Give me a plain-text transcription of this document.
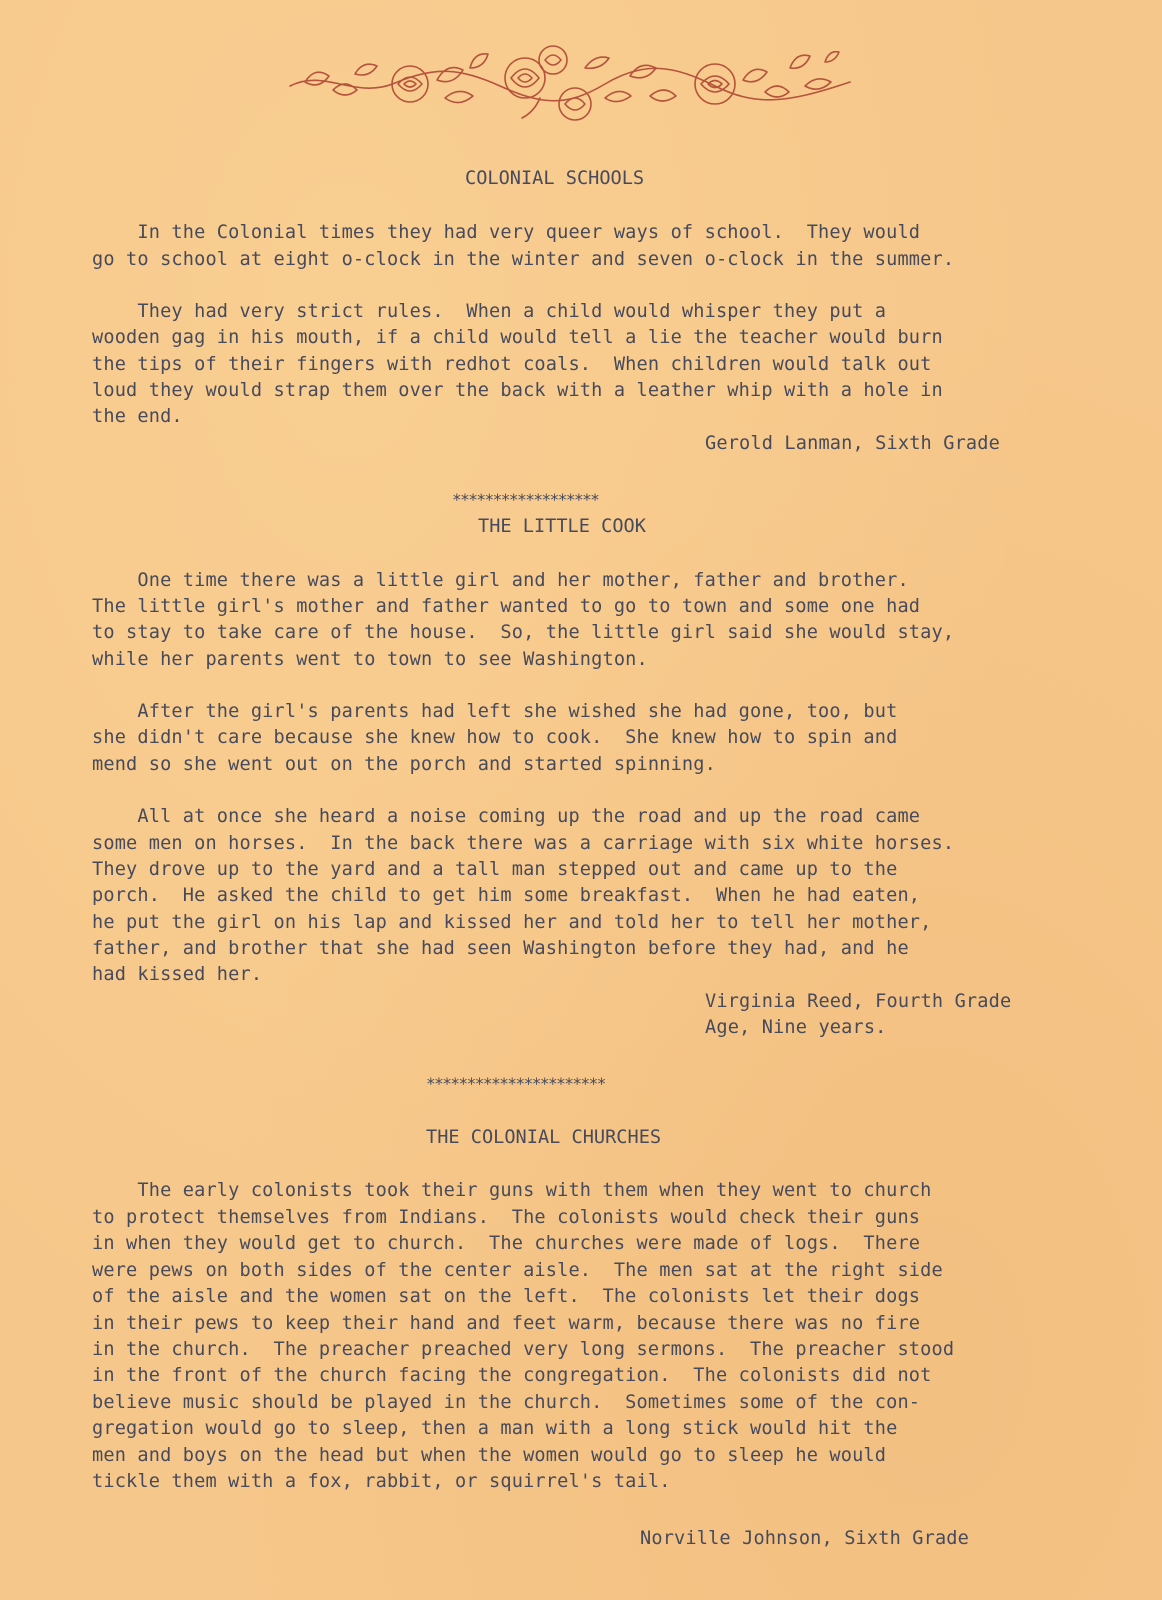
COLONIAL SCHOOLS
In the Colonial times they had very queer ways of school.  They would
go to school at eight o-clock in the winter and seven o-clock in the summer.
They had very strict rules.  When a child would whisper they put a
wooden gag in his mouth, if a child would tell a lie the teacher would burn
the tips of their fingers with redhot coals.  When children would talk out
loud they would strap them over the back with a leather whip with a hole in
the end.
Gerold Lanman, Sixth Grade
******************
THE LITTLE COOK
One time there was a little girl and her mother, father and brother.
The little girl's mother and father wanted to go to town and some one had
to stay to take care of the house.  So, the little girl said she would stay,
while her parents went to town to see Washington.
After the girl's parents had left she wished she had gone, too, but
she didn't care because she knew how to cook.  She knew how to spin and
mend so she went out on the porch and started spinning.
All at once she heard a noise coming up the road and up the road came
some men on horses.  In the back there was a carriage with six white horses.
They drove up to the yard and a tall man stepped out and came up to the
porch.  He asked the child to get him some breakfast.  When he had eaten,
he put the girl on his lap and kissed her and told her to tell her mother,
father, and brother that she had seen Washington before they had, and he
had kissed her.
Virginia Reed, Fourth Grade
Age, Nine years.
**********************
THE COLONIAL CHURCHES
The early colonists took their guns with them when they went to church
to protect themselves from Indians.  The colonists would check their guns
in when they would get to church.  The churches were made of logs.  There
were pews on both sides of the center aisle.  The men sat at the right side
of the aisle and the women sat on the left.  The colonists let their dogs
in their pews to keep their hand and feet warm, because there was no fire
in the church.  The preacher preached very long sermons.  The preacher stood
in the front of the church facing the congregation.  The colonists did not
believe music should be played in the church.  Sometimes some of the con-
gregation would go to sleep, then a man with a long stick would hit the
men and boys on the head but when the women would go to sleep he would
tickle them with a fox, rabbit, or squirrel's tail.
Norville Johnson, Sixth Grade
